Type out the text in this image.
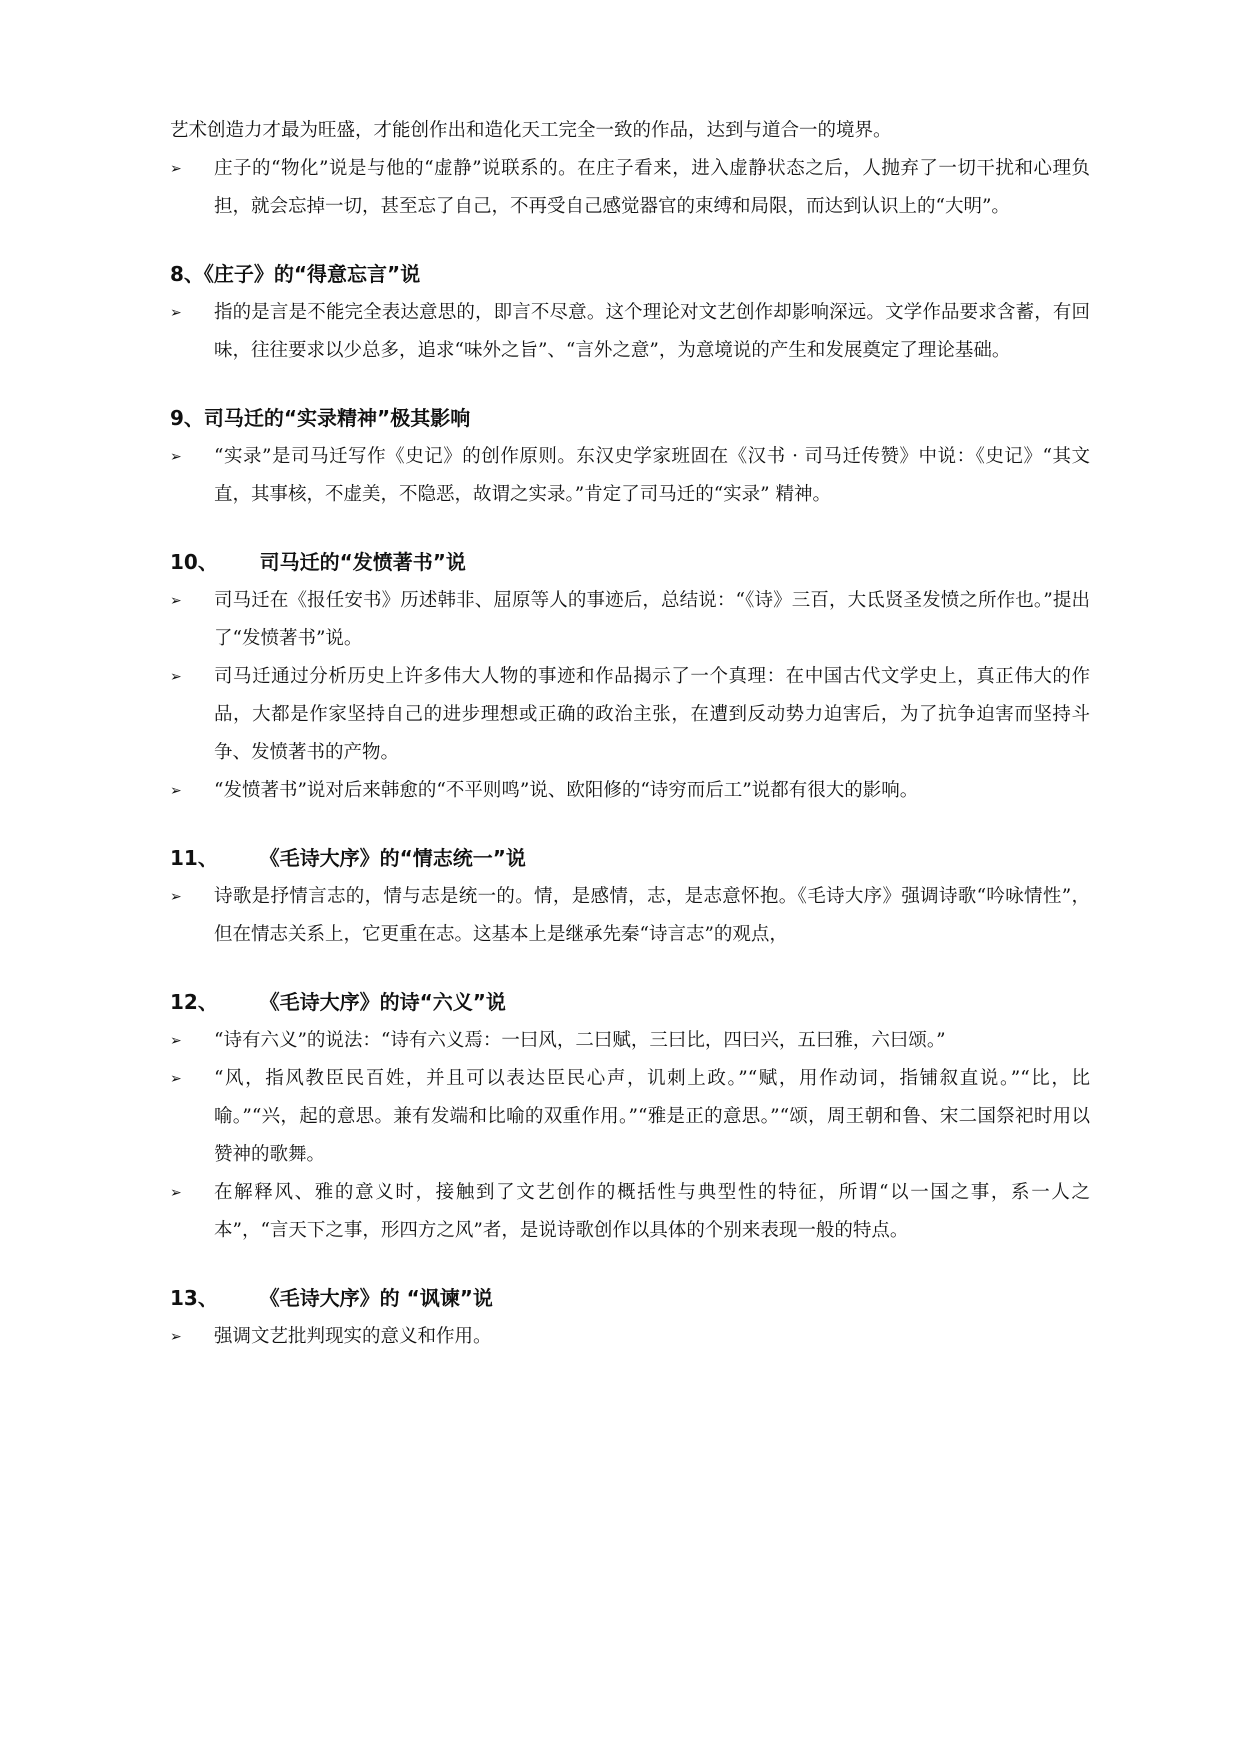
艺术创造力才最为旺盛，才能创作出和造化天工完全一致的作品，达到与道合一的境界。

➢	庄子的“物化”说是与他的“虚静”说联系的。在庄子看来，进入虚静状态之后，人抛弃了一切干扰和心理负担，就会忘掉一切，甚至忘了自己，不再受自己感觉器官的束缚和局限，而达到认识上的“大明”。

8、《庄子》的“得意忘言”说

➢	指的是言是不能完全表达意思的，即言不尽意。这个理论对文艺创作却影响深远。文学作品要求含蓄，有回味，往往要求以少总多，追求“味外之旨”、“言外之意”，为意境说的产生和发展奠定了理论基础。

9、司马迁的“实录精神”极其影响

➢	“实录”是司马迁写作《史记》的创作原则。东汉史学家班固在《汉书 · 司马迁传赞》中说：《史记》“其文直，其事核，不虚美，不隐恶，故谓之实录。”肯定了司马迁的“实录” 精神。

10、      司马迁的“发愤著书”说

➢	司马迁在《报任安书》历述韩非、屈原等人的事迹后，总结说：“《诗》三百，大氐贤圣发愤之所作也。”提出了“发愤著书”说。
➢	司马迁通过分析历史上许多伟大人物的事迹和作品揭示了一个真理：在中国古代文学史上，真正伟大的作品，大都是作家坚持自己的进步理想或正确的政治主张，在遭到反动势力迫害后，为了抗争迫害而坚持斗争、发愤著书的产物。
➢	“发愤著书”说对后来韩愈的“不平则鸣”说、欧阳修的“诗穷而后工”说都有很大的影响。

11、      《毛诗大序》的“情志统一”说

➢	诗歌是抒情言志的，情与志是统一的。情，是感情，志，是志意怀抱。《毛诗大序》强调诗歌“吟咏情性”，但在情志关系上，它更重在志。这基本上是继承先秦“诗言志”的观点，

12、      《毛诗大序》的诗“六义”说

➢	“诗有六义”的说法：“诗有六义焉：一曰风，二曰赋，三曰比，四曰兴，五曰雅，六曰颂。”
➢	“风，指风教臣民百姓，并且可以表达臣民心声，讥刺上政。”“赋，用作动词，指铺叙直说。”“比，比喻。”“兴，起的意思。兼有发端和比喻的双重作用。”“雅是正的意思。”“颂，周王朝和鲁、宋二国祭祀时用以赞神的歌舞。
➢	在解释风、雅的意义时，接触到了文艺创作的概括性与典型性的特征，所谓“以一国之事，系一人之本”，“言天下之事，形四方之风”者，是说诗歌创作以具体的个别来表现一般的特点。

13、      《毛诗大序》的 “讽谏”说

➢	强调文艺批判现实的意义和作用。
